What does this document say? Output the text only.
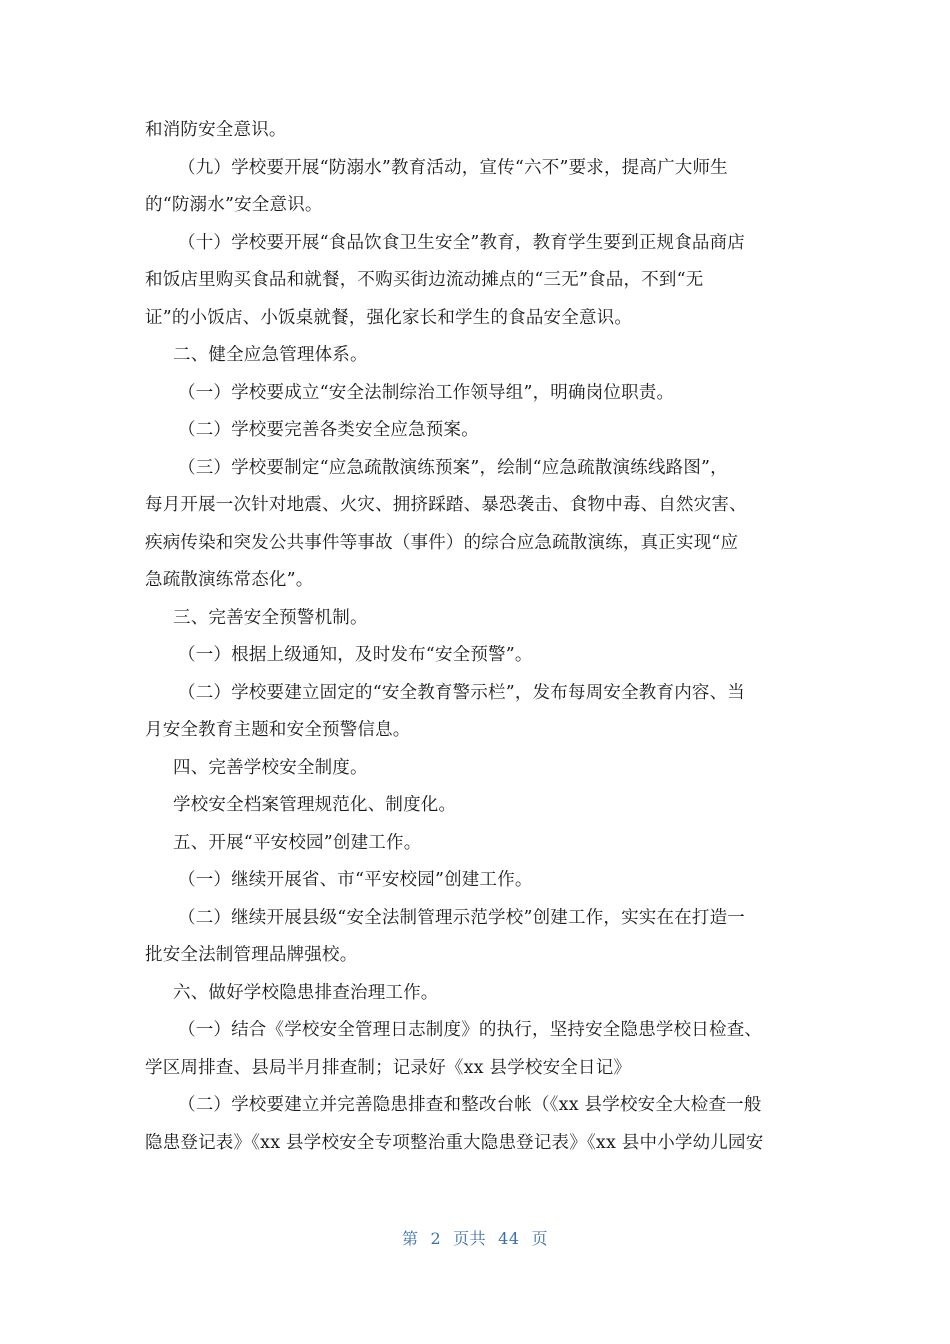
和消防安全意识。
（九）学校要开展“防溺水”教育活动，宣传“六不”要求，提高广大师生
的“防溺水”安全意识。
（十）学校要开展“食品饮食卫生安全”教育，教育学生要到正规食品商店
和饭店里购买食品和就餐，不购买街边流动摊点的“三无”食品，不到“无
证”的小饭店、小饭桌就餐，强化家长和学生的食品安全意识。
二、健全应急管理体系。
（一）学校要成立“安全法制综治工作领导组”，明确岗位职责。
（二）学校要完善各类安全应急预案。
（三）学校要制定“应急疏散演练预案”，绘制“应急疏散演练线路图”，
每月开展一次针对地震、火灾、拥挤踩踏、暴恐袭击、食物中毒、自然灾害、
疾病传染和突发公共事件等事故（事件）的综合应急疏散演练，真正实现“应
急疏散演练常态化”。
三、完善安全预警机制。
（一）根据上级通知，及时发布“安全预警”。
（二）学校要建立固定的“安全教育警示栏”，发布每周安全教育内容、当
月安全教育主题和安全预警信息。
四、完善学校安全制度。
学校安全档案管理规范化、制度化。
五、开展“平安校园”创建工作。
（一）继续开展省、市“平安校园”创建工作。
（二）继续开展县级“安全法制管理示范学校”创建工作，实实在在打造一
批安全法制管理品牌强校。
六、做好学校隐患排查治理工作。
（一）结合《学校安全管理日志制度》的执行，坚持安全隐患学校日检查、
学区周排查、县局半月排查制；记录好《xx 县学校安全日记》
（二）学校要建立并完善隐患排查和整改台帐（《xx 县学校安全大检查一般
隐患登记表》《xx 县学校安全专项整治重大隐患登记表》《xx 县中小学幼儿园安
第 2 页共 44 页
